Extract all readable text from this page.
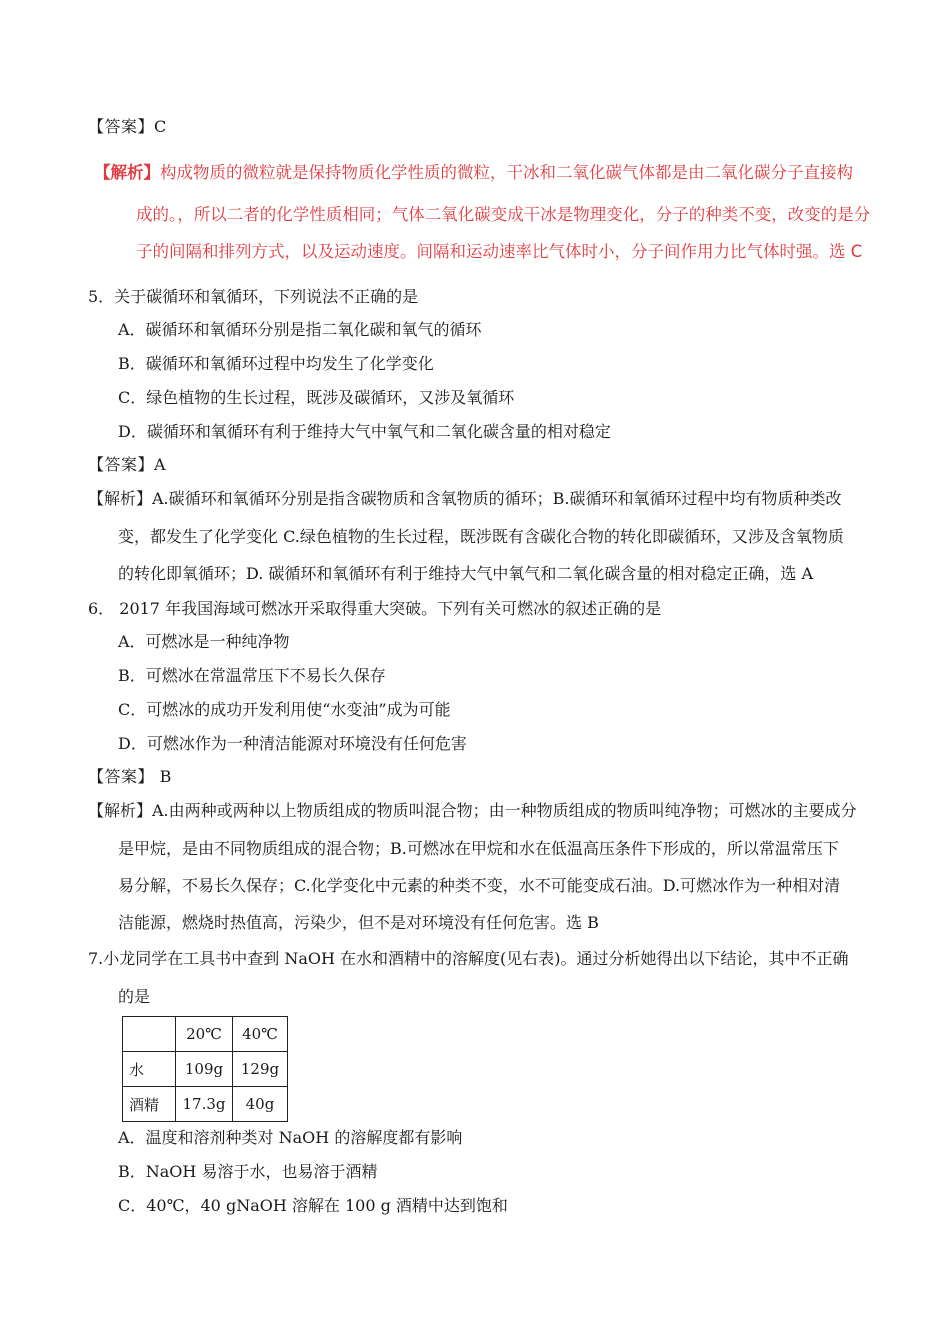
【答案】C
【解析】构成物质的微粒就是保持物质化学性质的微粒，干冰和二氧化碳气体都是由二氧化碳分子直接构
成的。，所以二者的化学性质相同；气体二氧化碳变成干冰是物理变化，分子的种类不变，改变的是分
子的间隔和排列方式，以及运动速度。间隔和运动速率比气体时小，分子间作用力比气体时强。选 C
5．关于碳循环和氧循环，下列说法不正确的是
A．碳循环和氧循环分别是指二氧化碳和氧气的循环
B．碳循环和氧循环过程中均发生了化学变化
C．绿色植物的生长过程，既涉及碳循环，又涉及氧循环
D．碳循环和氧循环有利于维持大气中氧气和二氧化碳含量的相对稳定
【答案】A
【解析】A.碳循环和氧循环分别是指含碳物质和含氧物质的循环；B.碳循环和氧循环过程中均有物质种类改
变，都发生了化学变化 C.绿色植物的生长过程，既涉既有含碳化合物的转化即碳循环，又涉及含氧物质
的转化即氧循环；D. 碳循环和氧循环有利于维持大气中氧气和二氧化碳含量的相对稳定正确，选 A
6． 2017 年我国海域可燃冰开采取得重大突破。下列有关可燃冰的叙述正确的是
A．可燃冰是一种纯净物
B．可燃冰在常温常压下不易长久保存
C．可燃冰的成功开发利用使“水变油”成为可能
D．可燃冰作为一种清洁能源对环境没有任何危害
【答案】 B
【解析】A.由两种或两种以上物质组成的物质叫混合物；由一种物质组成的物质叫纯净物；可燃冰的主要成分
是甲烷，是由不同物质组成的混合物；B.可燃冰在甲烷和水在低温高压条件下形成的，所以常温常压下
易分解，不易长久保存；C.化学变化中元素的种类不变，水不可能变成石油。D.可燃冰作为一种相对清
洁能源，燃烧时热值高，污染少，但不是对环境没有任何危害。选 B
7.小龙同学在工具书中查到 NaOH 在水和酒精中的溶解度(见右表)。通过分析她得出以下结论，其中不正确
的是
	20℃	40℃
水	109g	129g
酒精	17.3g	40g
A．温度和溶剂种类对 NaOH 的溶解度都有影响
B．NaOH 易溶于水，也易溶于酒精
C．40℃，40 gNaOH 溶解在 100 g 酒精中达到饱和
